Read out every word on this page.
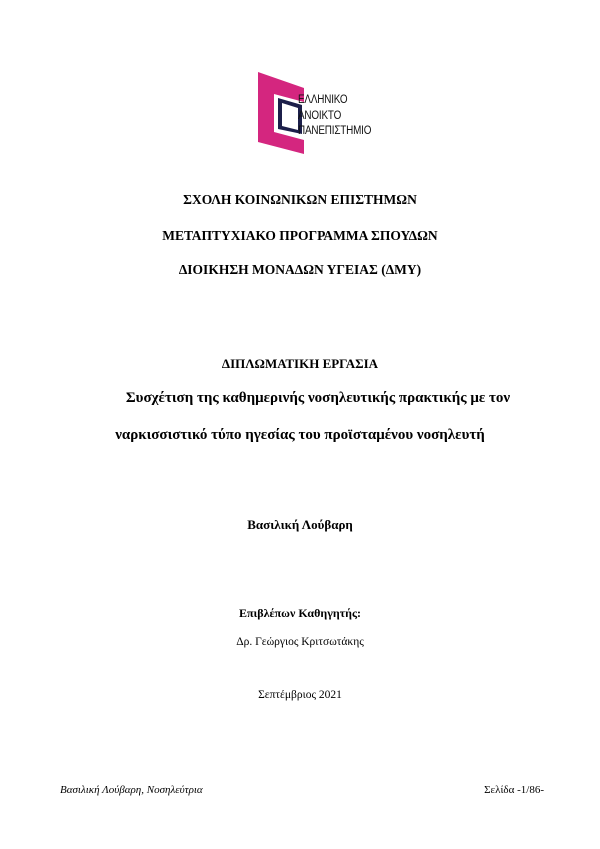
ΕΛΛΗΝΙΚΟ
ΑΝΟΙΚΤΟ
ΠΑΝΕΠΙΣΤΗΜΙΟ
ΣΧΟΛΗ ΚΟΙΝΩΝΙΚΩΝ ΕΠΙΣΤΗΜΩΝ
ΜΕΤΑΠΤΥΧΙΑΚΟ ΠΡΟΓΡΑΜΜΑ ΣΠΟΥΔΩΝ
ΔΙΟΙΚΗΣΗ ΜΟΝΑΔΩΝ ΥΓΕΙΑΣ (ΔΜΥ)
ΔΙΠΛΩΜΑΤΙΚΗ ΕΡΓΑΣΙΑ
Συσχέτιση της καθημερινής νοσηλευτικής πρακτικής με τον
ναρκισσιστικό τύπο ηγεσίας του προϊσταμένου νοσηλευτή
Βασιλική Λούβαρη
Επιβλέπων Καθηγητής:
Δρ. Γεώργιος Κριτσωτάκης
Σεπτέμβριος 2021
Βασιλική Λούβαρη, Νοσηλεύτρια	Σελίδα -1/86-
